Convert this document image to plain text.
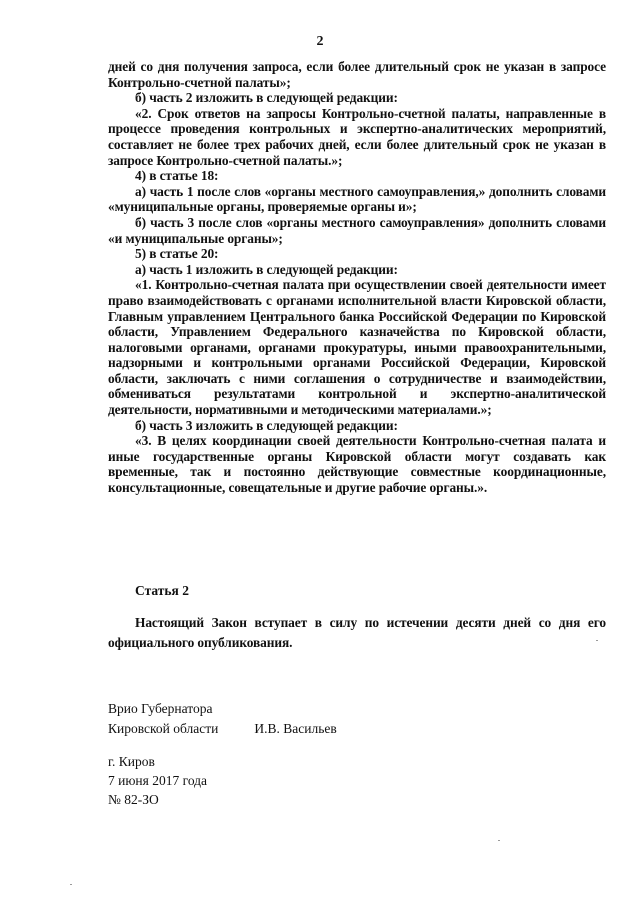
2

дней со дня получения запроса, если более длительный срок не указан в запросе Контрольно-счетной палаты»;

б) часть 2 изложить в следующей редакции:

«2. Срок ответов на запросы Контрольно-счетной палаты, направленные в процессе проведения контрольных и экспертно-аналитических мероприятий, составляет не более трех рабочих дней, если более длительный срок не указан в запросе Контрольно-счетной палаты.»;

4) в статье 18:

а) часть 1 после слов «органы местного самоуправления,» дополнить словами «муниципальные органы, проверяемые органы и»;

б) часть 3 после слов «органы местного самоуправления» дополнить словами «и муниципальные органы»;

5) в статье 20:

а) часть 1 изложить в следующей редакции:

«1. Контрольно-счетная палата при осуществлении своей деятельности имеет право взаимодействовать с органами исполнительной власти Кировской области, Главным управлением Центрального банка Российской Федерации по Кировской области, Управлением Федерального казначейства по Кировской области, налоговыми органами, органами прокуратуры, иными правоохранительными, надзорными и контрольными органами Российской Федерации, Кировской области, заключать с ними соглашения о сотрудничестве и взаимодействии, обмениваться результатами контрольной и экспертно-аналитической деятельности, нормативными и методическими материалами.»;

б) часть 3 изложить в следующей редакции:

«3. В целях координации своей деятельности Контрольно-счетная палата и иные государственные органы Кировской области могут создавать как временные, так и постоянно действующие совместные координационные, консультационные, совещательные и другие рабочие органы.».

Статья 2
Настоящий Закон вступает в силу по истечении десяти дней со дня его официального опубликования.
Врио Губернатора
Кировской области	И.В. Васильев
г. Киров
7 июня 2017 года
№ 82-ЗО
